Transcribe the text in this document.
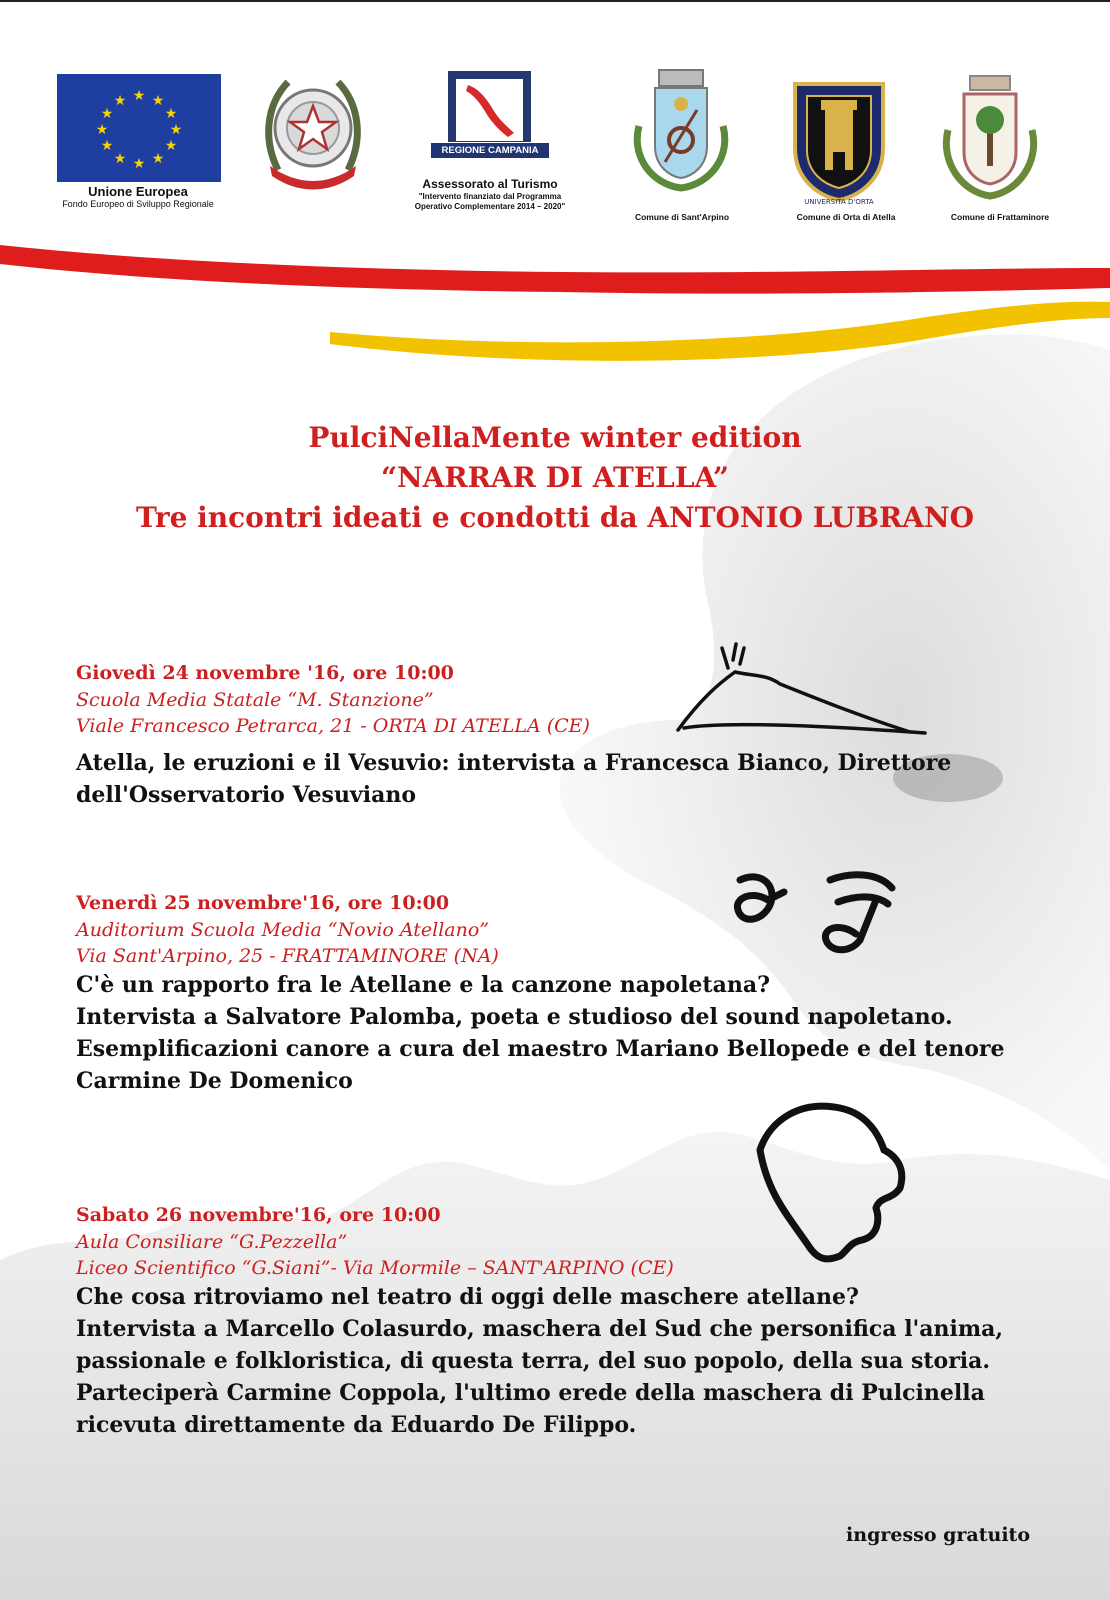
★ ★
★
★
★
★
★
★
★
★
★
★
Unione Europea
Fondo Europeo di Sviluppo Regionale
REGIONE CAMPANIA
Assessorato al Turismo
"Intervento finanziato dal Programma
Operativo Complementare 2014 – 2020"	UNIVERSITÀ D'ORTA
Comune di Sant'Arpino	Comune di Orta di Atella	Comune di Frattaminore
PulciNellaMente winter edition
“NARRAR DI ATELLA”
Tre incontri ideati e condotti da ANTONIO LUBRANO
Giovedì 24 novembre '16, ore 10:00
Scuola Media Statale “M. Stanzione”
Viale Francesco Petrarca, 21 - ORTA DI ATELLA (CE)
Atella, le eruzioni e il Vesuvio: intervista a Francesca Bianco, Direttore
dell'Osservatorio Vesuviano
Venerdì 25 novembre'16, ore 10:00
Auditorium Scuola Media “Novio Atellano”
Via Sant'Arpino, 25 - FRATTAMINORE (NA)
C'è un rapporto fra le Atellane e la canzone napoletana?
Intervista a Salvatore Palomba, poeta e studioso del sound napoletano.
Esemplificazioni canore a cura del maestro Mariano Bellopede e del tenore
Carmine De Domenico
Sabato 26 novembre'16, ore 10:00
Aula Consiliare “G.Pezzella”
Liceo Scientifico “G.Siani”- Via Mormile – SANT'ARPINO (CE)
Che cosa ritroviamo nel teatro di oggi delle maschere atellane?
Intervista a Marcello Colasurdo, maschera del Sud che personifica l'anima,
passionale e folkloristica, di questa terra, del suo popolo, della sua storia.
Parteciperà Carmine Coppola, l'ultimo erede della maschera di Pulcinella
ricevuta direttamente da Eduardo De Filippo.
ingresso gratuito
